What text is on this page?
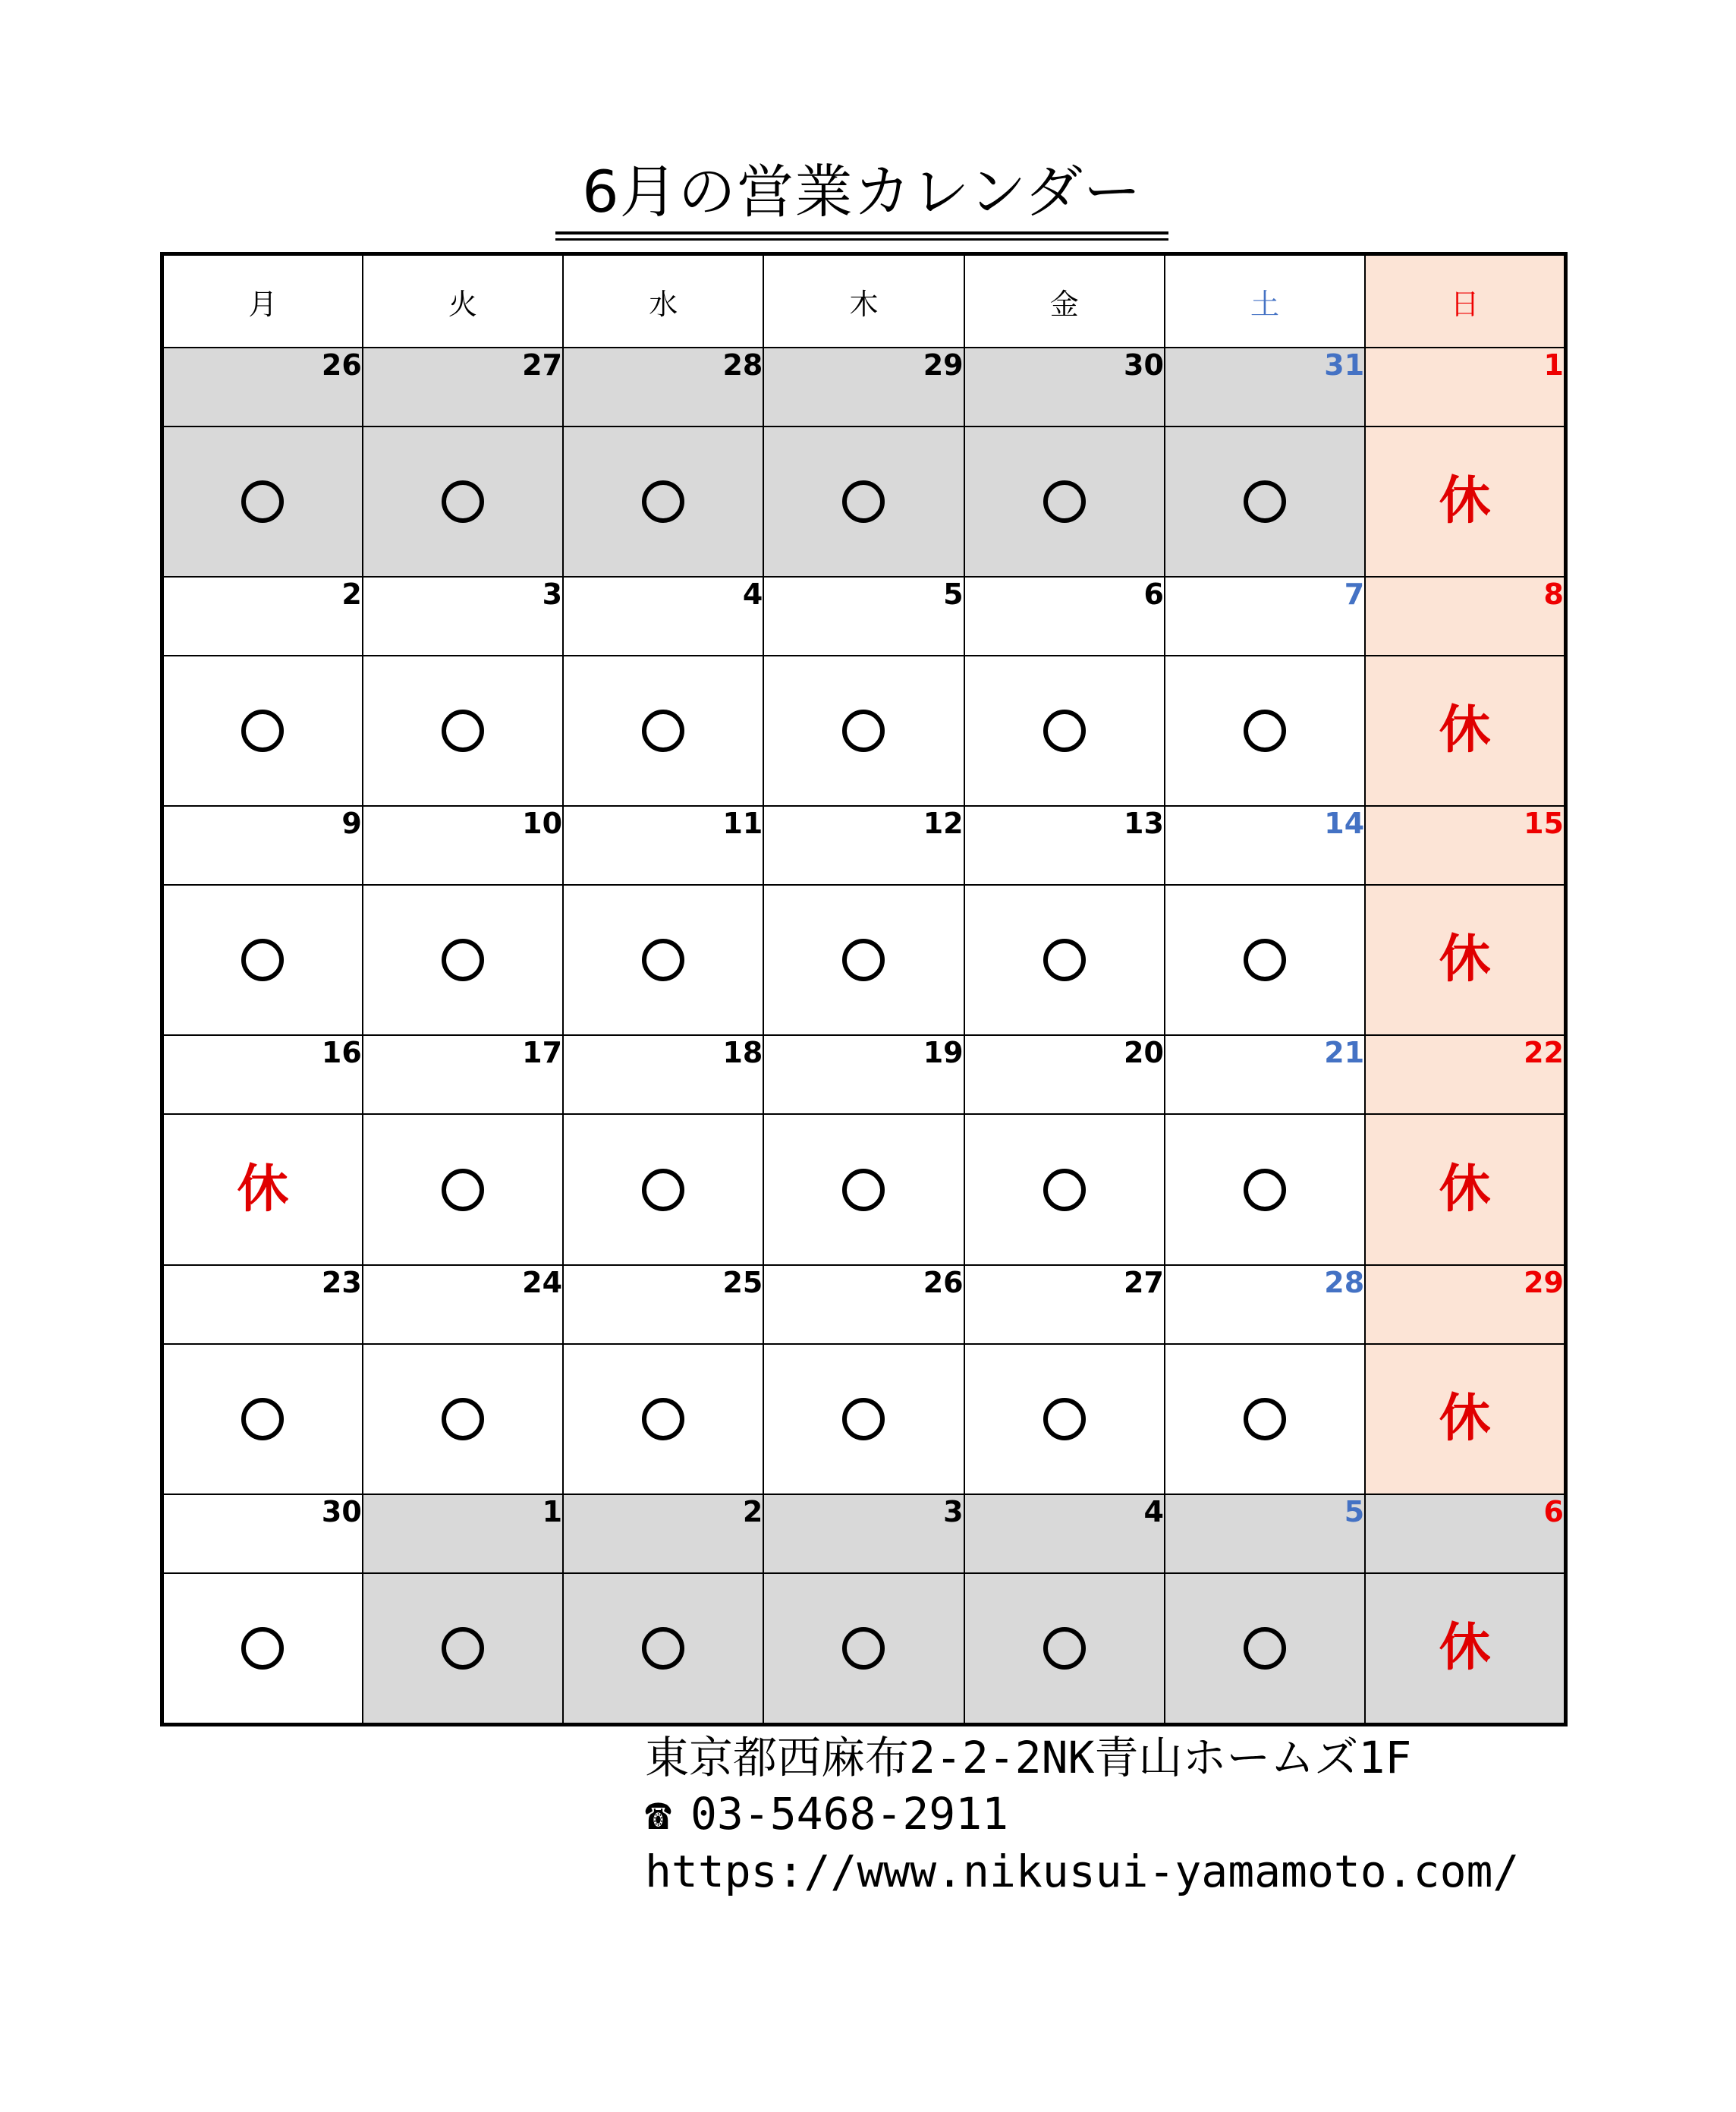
6月の営業カレンダー
月	火	水	木	金	土	日
26	27	28	29	30	31	1
						休
2	3	4	5	6	7	8
						休
9	10	11	12	13	14	15
						休
16	17	18	19	20	21	22
休						休
23	24	25	26	27	28	29
						休
30	1	2	3	4	5	6
						休
東京都西麻布2-2-2NK青山ホームズ1F
☎ 03-5468-2911
https://www.nikusui-yamamoto.com/
